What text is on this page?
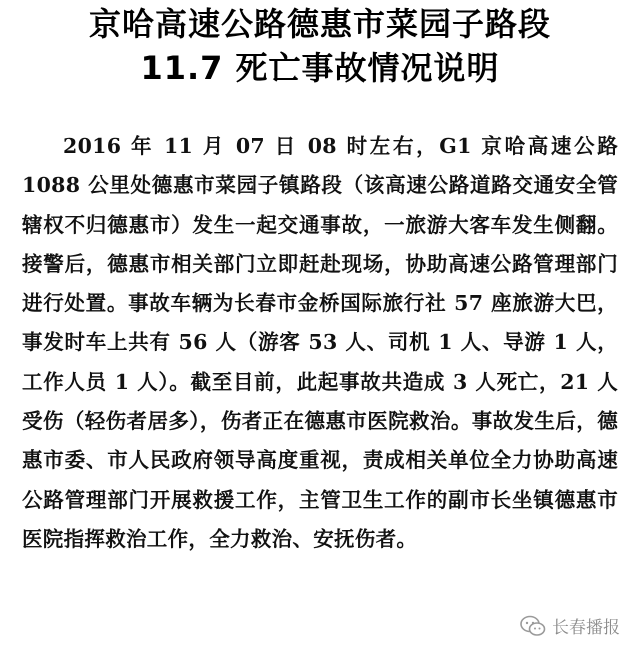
京哈高速公路德惠市菜园子路段
11.7 死亡事故情况说明

2016 年 11 月 07 日 08 时左右，G1 京哈高速公路 1088 公里处德惠市菜园子镇路段（该高速公路道路交通安全管辖权不归德惠市）发生一起交通事故，一旅游大客车发生侧翻。接警后，德惠市相关部门立即赶赴现场，协助高速公路管理部门进行处置。事故车辆为长春市金桥国际旅行社 57 座旅游大巴，事发时车上共有 56 人（游客 53 人、司机 1 人、导游 1 人，工作人员 1 人）。截至目前，此起事故共造成 3 人死亡，21 人受伤（轻伤者居多），伤者正在德惠市医院救治。事故发生后，德惠市委、市人民政府领导高度重视，责成相关单位全力协助高速公路管理部门开展救援工作，主管卫生工作的副市长坐镇德惠市医院指挥救治工作，全力救治、安抚伤者。

长春播报
